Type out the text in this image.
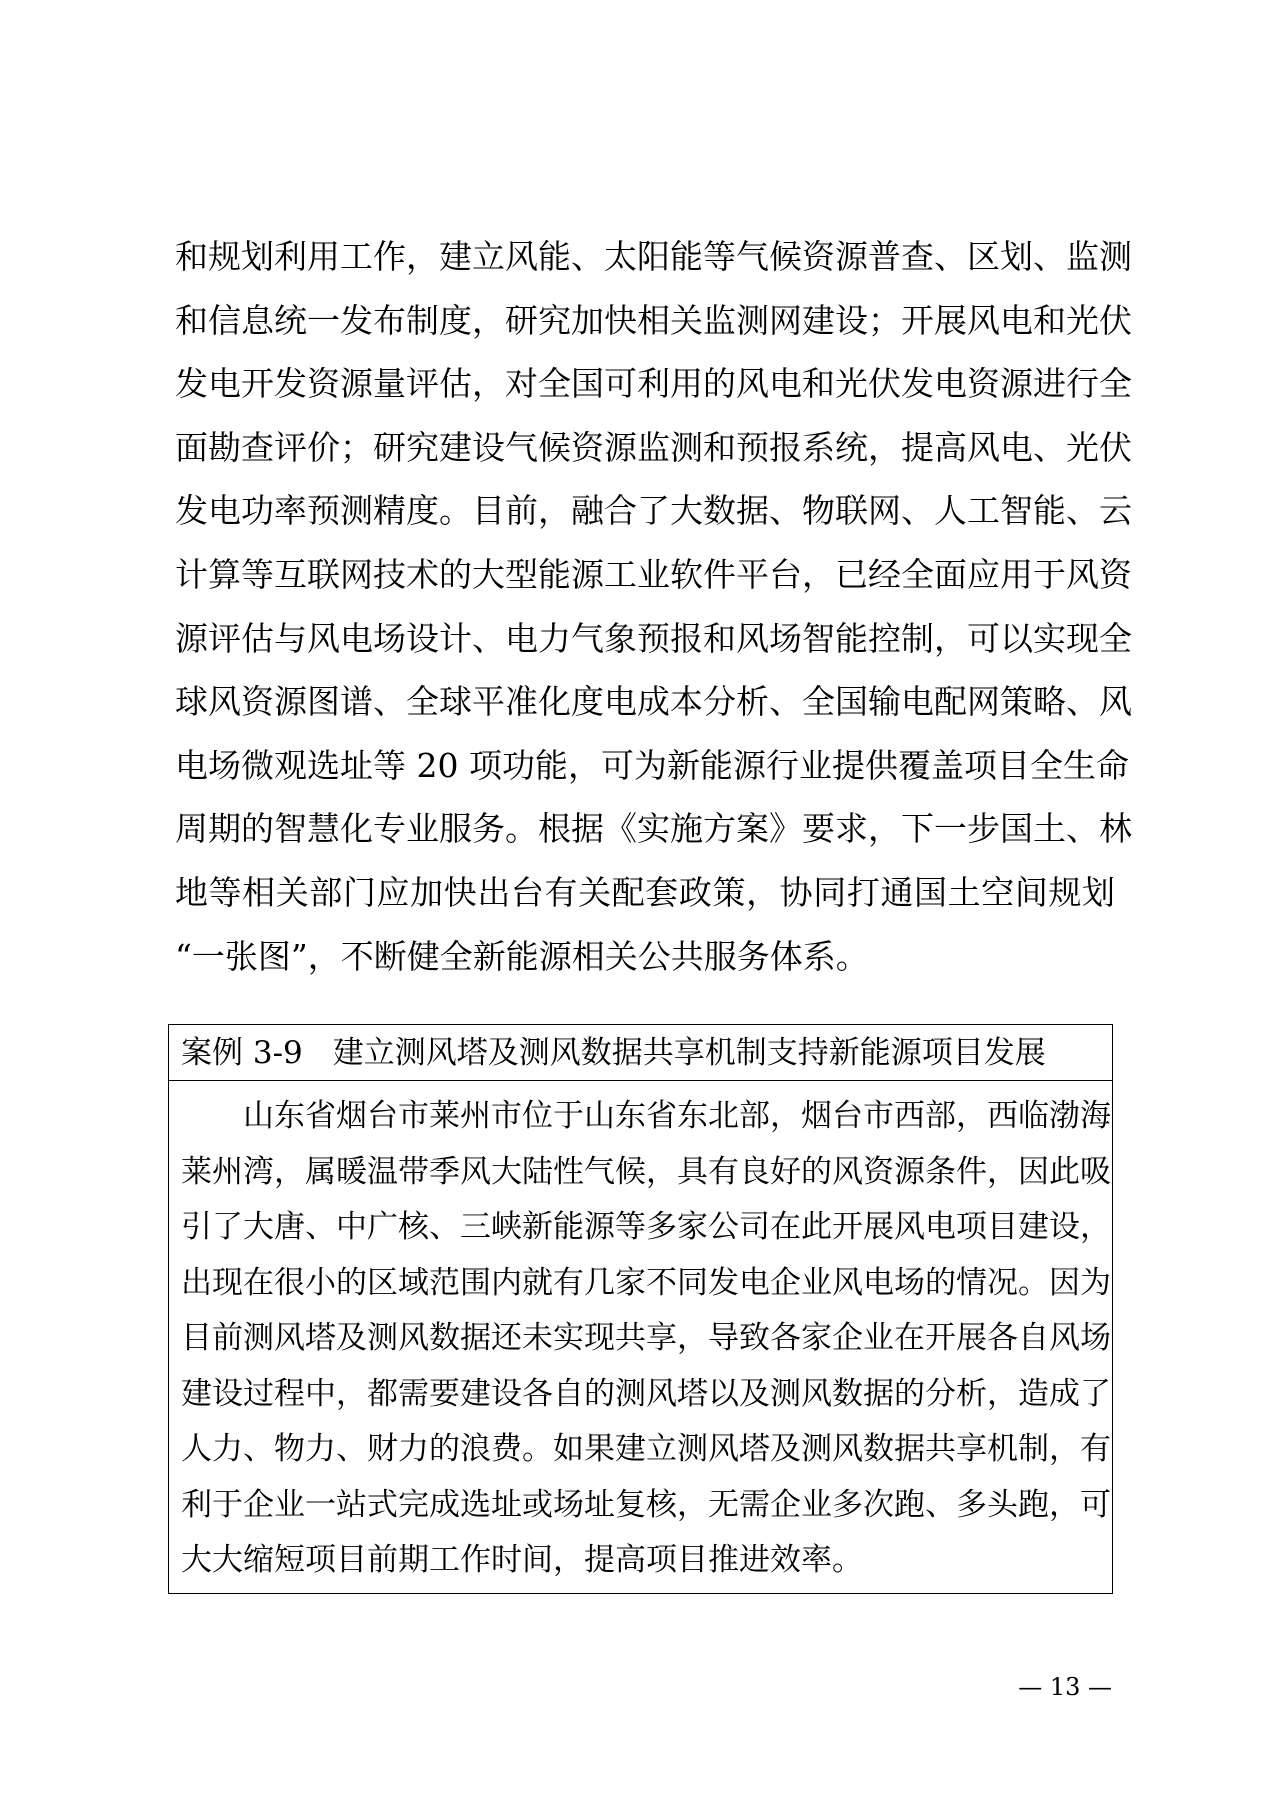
和规划利用工作，建立风能、太阳能等气候资源普查、区划、监测
和信息统一发布制度，研究加快相关监测网建设；开展风电和光伏
发电开发资源量评估，对全国可利用的风电和光伏发电资源进行全
面勘查评价；研究建设气候资源监测和预报系统，提高风电、光伏
发电功率预测精度。目前，融合了大数据、物联网、人工智能、云
计算等互联网技术的大型能源工业软件平台，已经全面应用于风资
源评估与风电场设计、电力气象预报和风场智能控制，可以实现全
球风资源图谱、全球平准化度电成本分析、全国输电配网策略、风
电场微观选址等 20 项功能，可为新能源行业提供覆盖项目全生命
周期的智慧化专业服务。根据《实施方案》要求，下一步国土、林
地等相关部门应加快出台有关配套政策，协同打通国土空间规划
“一张图”，不断健全新能源相关公共服务体系。
案例 3-9 建立测风塔及测风数据共享机制支持新能源项目发展
山东省烟台市莱州市位于山东省东北部，烟台市西部，西临渤海
莱州湾，属暖温带季风大陆性气候，具有良好的风资源条件，因此吸
引了大唐、中广核、三峡新能源等多家公司在此开展风电项目建设，
出现在很小的区域范围内就有几家不同发电企业风电场的情况。因为
目前测风塔及测风数据还未实现共享，导致各家企业在开展各自风场
建设过程中，都需要建设各自的测风塔以及测风数据的分析，造成了
人力、物力、财力的浪费。如果建立测风塔及测风数据共享机制，有
利于企业一站式完成选址或场址复核，无需企业多次跑、多头跑，可
大大缩短项目前期工作时间，提高项目推进效率。
— 13 —
